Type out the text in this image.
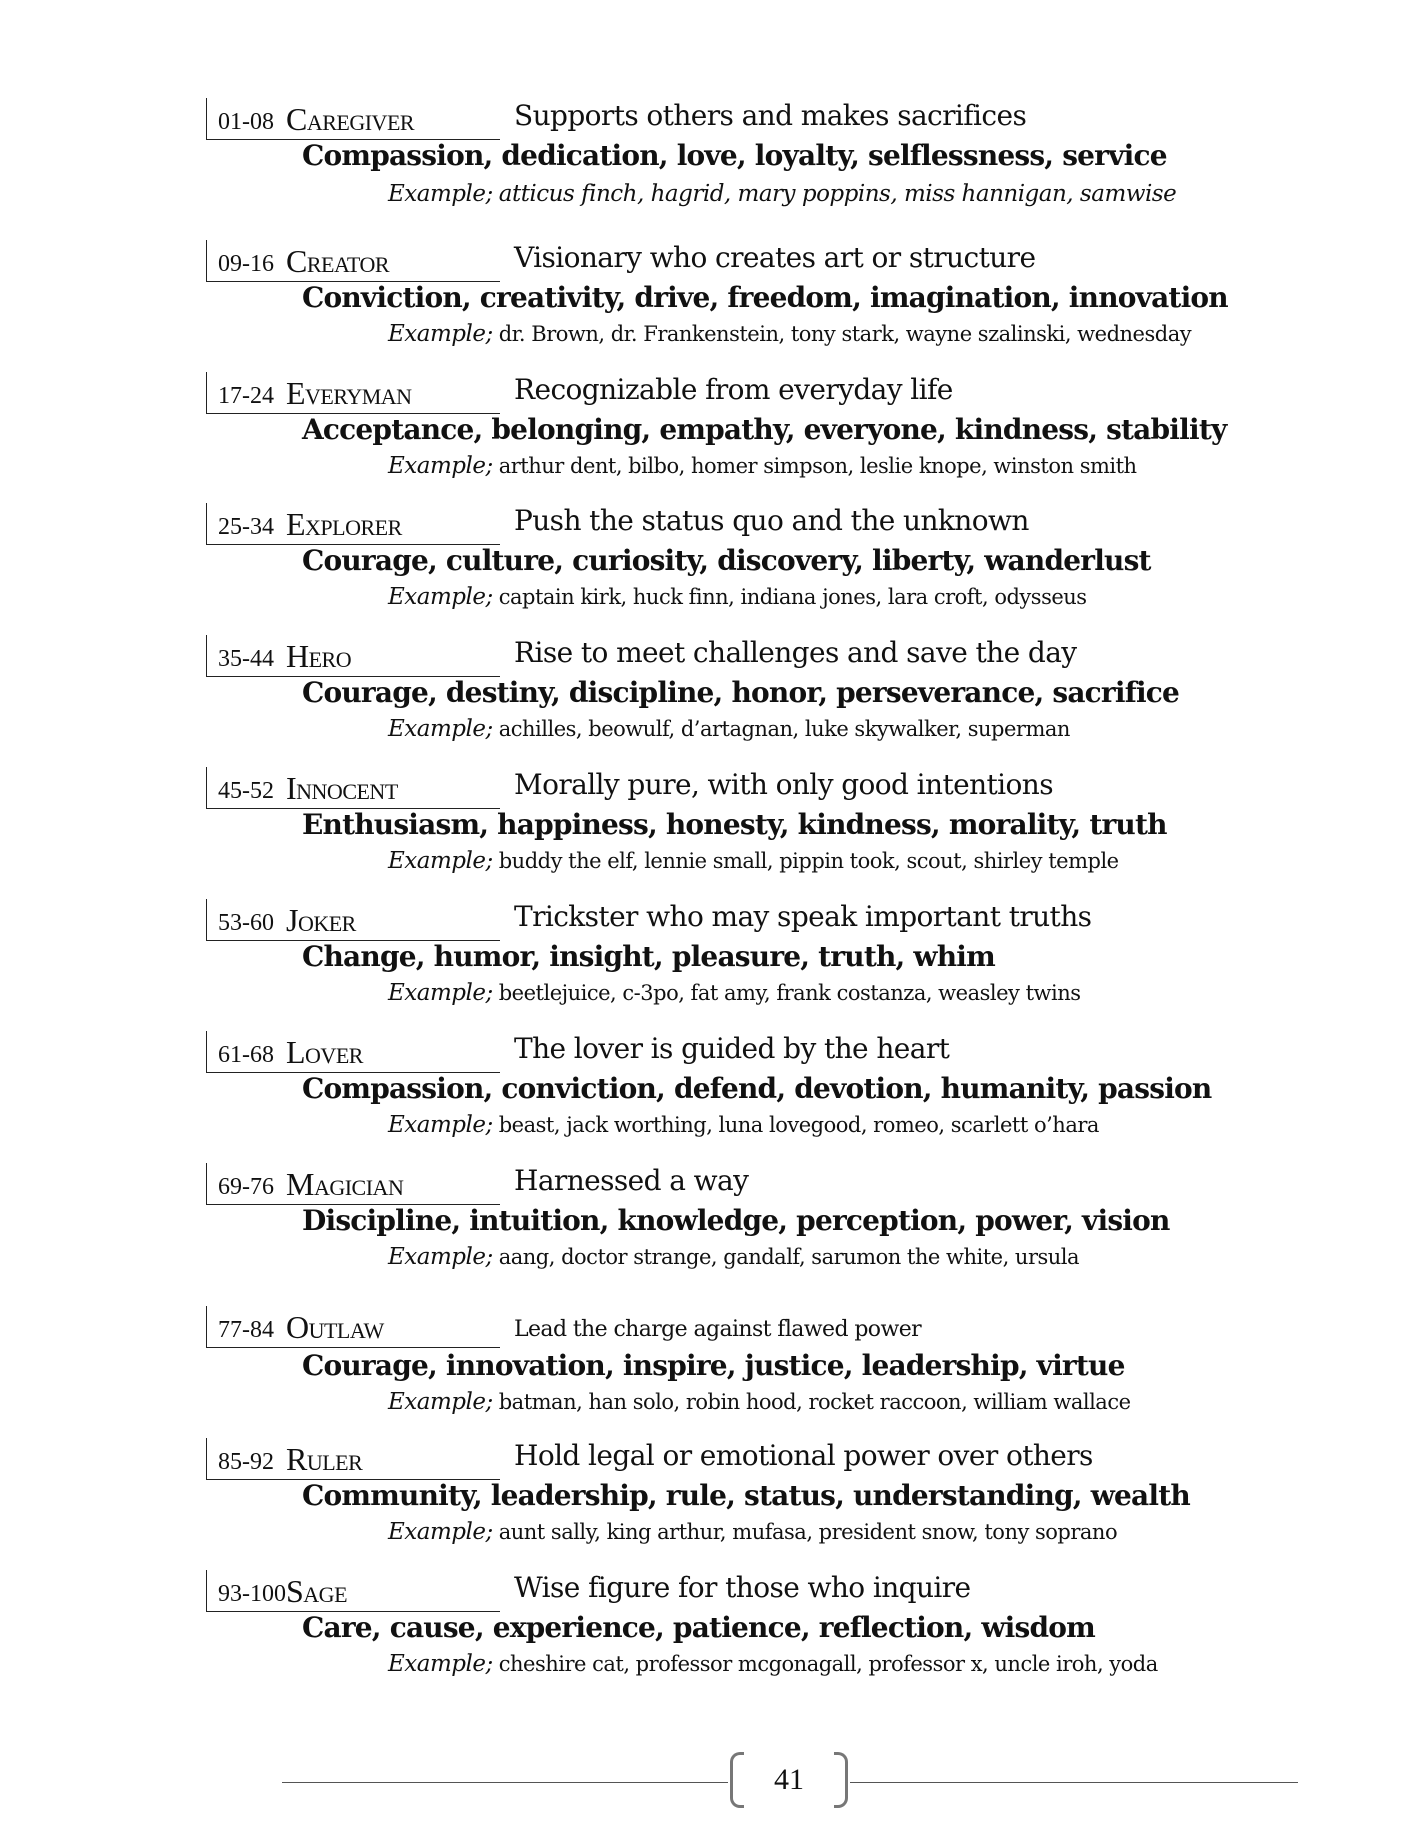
01-08 Caregiver	Supports others and makes sacrifices
Compassion, dedication, love, loyalty, selflessness, service
Example; atticus finch, hagrid, mary poppins, miss hannigan, samwise
09-16 Creator	Visionary who creates art or structure
Conviction, creativity, drive, freedom, imagination, innovation
Example; dr. Brown, dr. Frankenstein, tony stark, wayne szalinski, wednesday
17-24 Everyman	Recognizable from everyday life
Acceptance, belonging, empathy, everyone, kindness, stability
Example; arthur dent, bilbo, homer simpson, leslie knope, winston smith
25-34 Explorer	Push the status quo and the unknown
Courage, culture, curiosity, discovery, liberty, wanderlust
Example; captain kirk, huck finn, indiana jones, lara croft, odysseus
35-44 Hero	Rise to meet challenges and save the day
Courage, destiny, discipline, honor, perseverance, sacrifice
Example; achilles, beowulf, d’artagnan, luke skywalker, superman
45-52 Innocent	Morally pure, with only good intentions
Enthusiasm, happiness, honesty, kindness, morality, truth
Example; buddy the elf, lennie small, pippin took, scout, shirley temple
53-60 Joker	Trickster who may speak important truths
Change, humor, insight, pleasure, truth, whim
Example; beetlejuice, c-3po, fat amy, frank costanza, weasley twins
61-68 Lover	The lover is guided by the heart
Compassion, conviction, defend, devotion, humanity, passion
Example; beast, jack worthing, luna lovegood, romeo, scarlett o’hara
69-76 Magician	Harnessed a way
Discipline, intuition, knowledge, perception, power, vision
Example; aang, doctor strange, gandalf, sarumon the white, ursula
77-84 Outlaw	Lead the charge against flawed power
Courage, innovation, inspire, justice, leadership, virtue
Example; batman, han solo, robin hood, rocket raccoon, william wallace
85-92 Ruler	Hold legal or emotional power over others
Community, leadership, rule, status, understanding, wealth
Example; aunt sally, king arthur, mufasa, president snow, tony soprano
93-100 Sage	Wise figure for those who inquire
Care, cause, experience, patience, reflection, wisdom
Example; cheshire cat, professor mcgonagall, professor x, uncle iroh, yoda
41
